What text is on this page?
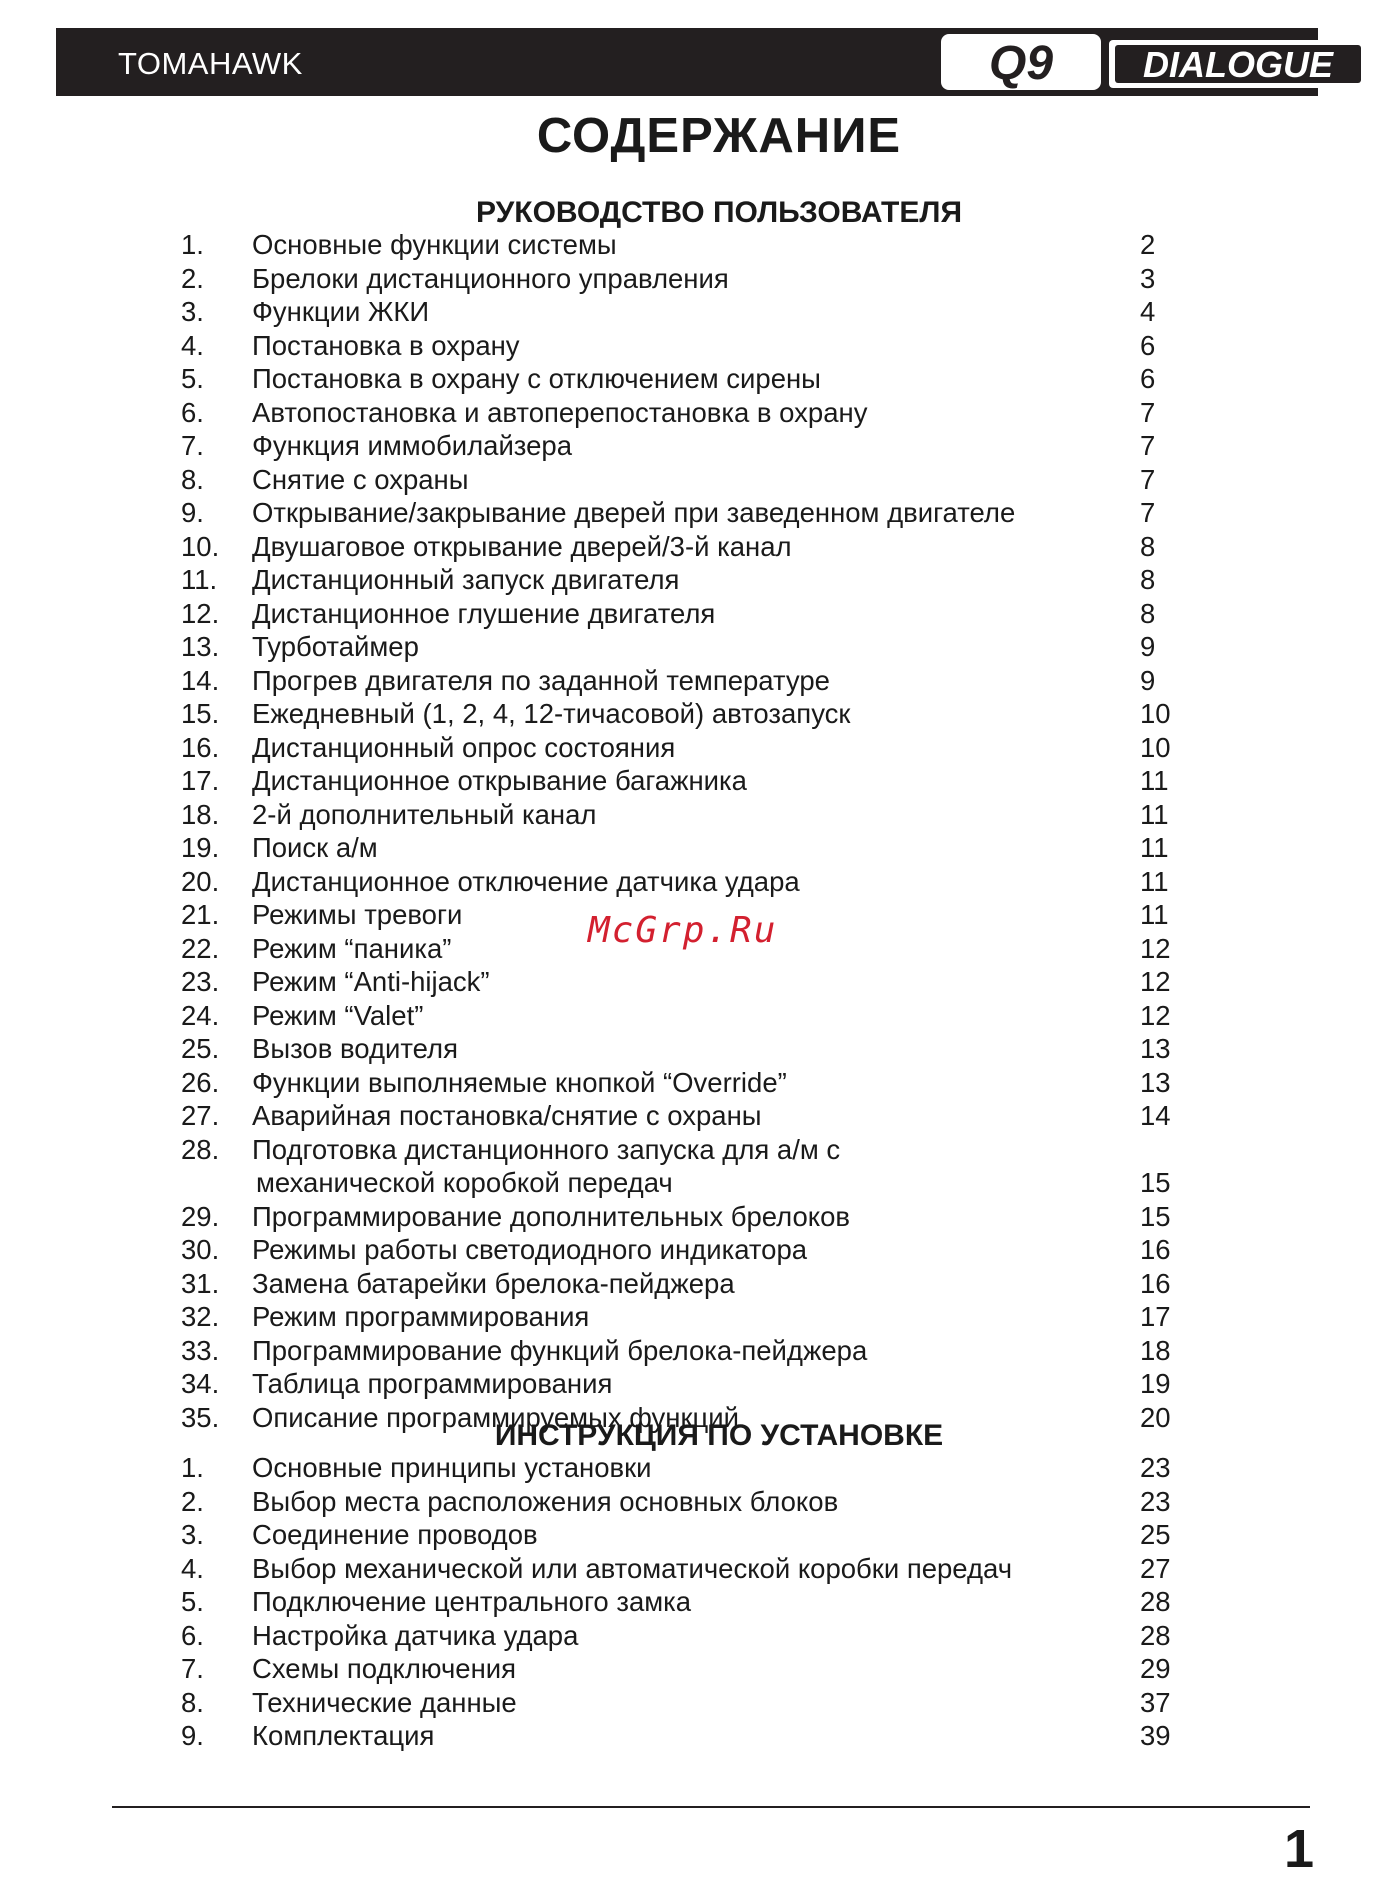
TOMAHAWK	Q9 DIALOGUE
СОДЕРЖАНИЕ
РУКОВОДСТВО ПОЛЬЗОВАТЕЛЯ
1. Основные функции системы	2
2. Брелоки дистанционного управления	3
3. Функции ЖКИ	4
4. Постановка в охрану	6
5. Постановка в охрану с отключением сирены	6
6. Автопостановка и автоперепостановка в охрану	7
7. Функция иммобилайзера	7
8. Снятие с охраны	7
9. Открывание/закрывание дверей при заведенном двигателе	7
10. Двушаговое открывание дверей/3-й канал	8
11. Дистанционный запуск двигателя	8
12. Дистанционное глушение двигателя	8
13. Турботаймер	9
14. Прогрев двигателя по заданной температуре	9
15. Ежедневный (1, 2, 4, 12-тичасовой) автозапуск	10
16. Дистанционный опрос состояния	10
17. Дистанционное открывание багажника	11
18. 2-й дополнительный канал	11
19. Поиск а/м	11
20. Дистанционное отключение датчика удара	11
21. Режимы тревоги	11
22. Режим “паника”	12
23. Режим “Anti-hijack”	12
24. Режим “Valet”	12
25. Вызов водителя	13
26. Функции выполняемые кнопкой “Override”	13
27. Аварийная постановка/снятие с охраны	14
28. Подготовка дистанционного запуска для а/м с
механической коробкой передач	15
29. Программирование дополнительных брелоков	15
30. Режимы работы светодиодного индикатора	16
31. Замена батарейки брелока-пейджера	16
32. Режим программирования	17
33. Программирование функций брелока-пейджера	18
34. Таблица программирования	19
35. Описание программируемых функций	20
ИНСТРУКЦИЯ ПО УСТАНОВКЕ
1. Основные принципы установки	23
2. Выбор места расположения основных блоков	23
3. Соединение проводов	25
4. Выбор механической или автоматической коробки передач	27
5. Подключение центрального замка	28
6. Настройка датчика удара	28
7. Схемы подключения	29
8. Технические данные	37
9. Комплектация	39
McGrp.Ru
1
